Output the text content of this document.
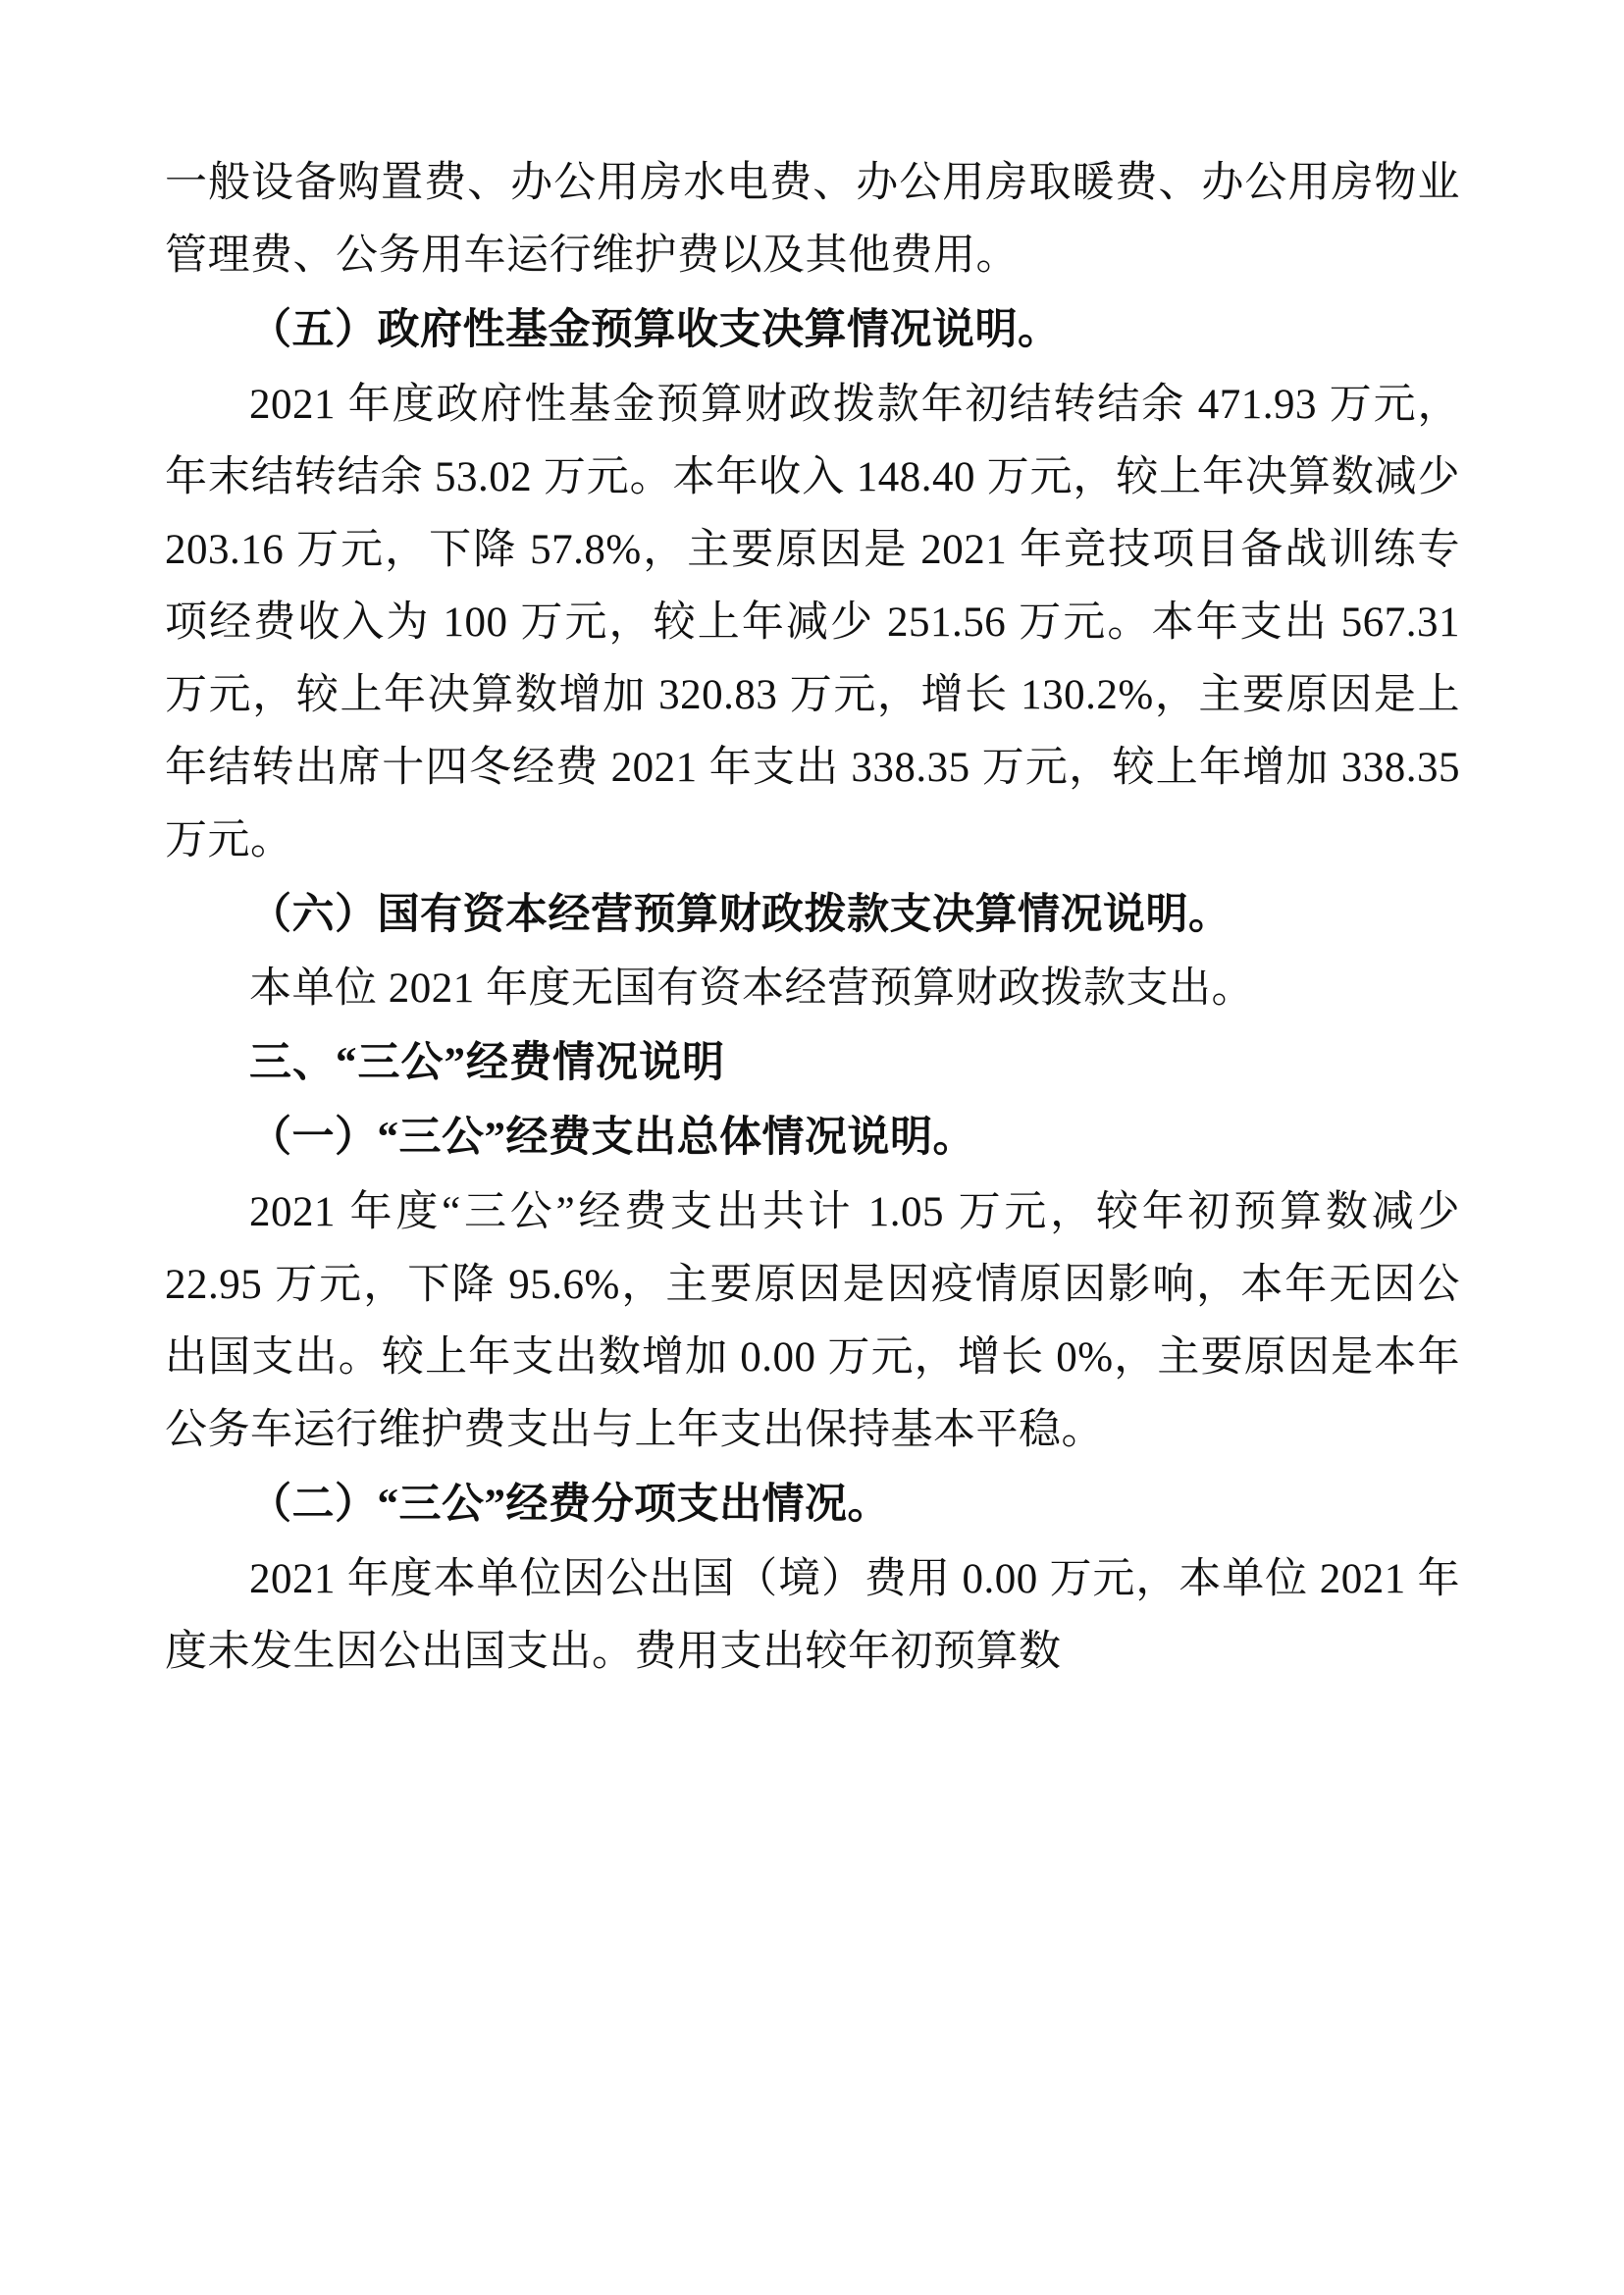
一般设备购置费、办公用房水电费、办公用房取暖费、办公用房物业管理费、公务用车运行维护费以及其他费用。

（五）政府性基金预算收支决算情况说明。

2021 年度政府性基金预算财政拨款年初结转结余 471.93 万元，年末结转结余 53.02 万元。本年收入 148.40 万元，较上年决算数减少 203.16 万元，下降 57.8%，主要原因是 2021 年竞技项目备战训练专项经费收入为 100 万元，较上年减少 251.56 万元。本年支出 567.31 万元，较上年决算数增加 320.83 万元，增长 130.2%，主要原因是上年结转出席十四冬经费 2021 年支出 338.35 万元，较上年增加 338.35 万元。

（六）国有资本经营预算财政拨款支决算情况说明。

本单位 2021 年度无国有资本经营预算财政拨款支出。

三、“三公”经费情况说明

（一）“三公”经费支出总体情况说明。

2021 年度“三公”经费支出共计 1.05 万元，较年初预算数减少 22.95 万元，下降 95.6%，主要原因是因疫情原因影响，本年无因公出国支出。较上年支出数增加 0.00 万元，增长 0%，主要原因是本年公务车运行维护费支出与上年支出保持基本平稳。

（二）“三公”经费分项支出情况。

2021 年度本单位因公出国（境）费用 0.00 万元，本单位 2021 年度未发生因公出国支出。费用支出较年初预算数
